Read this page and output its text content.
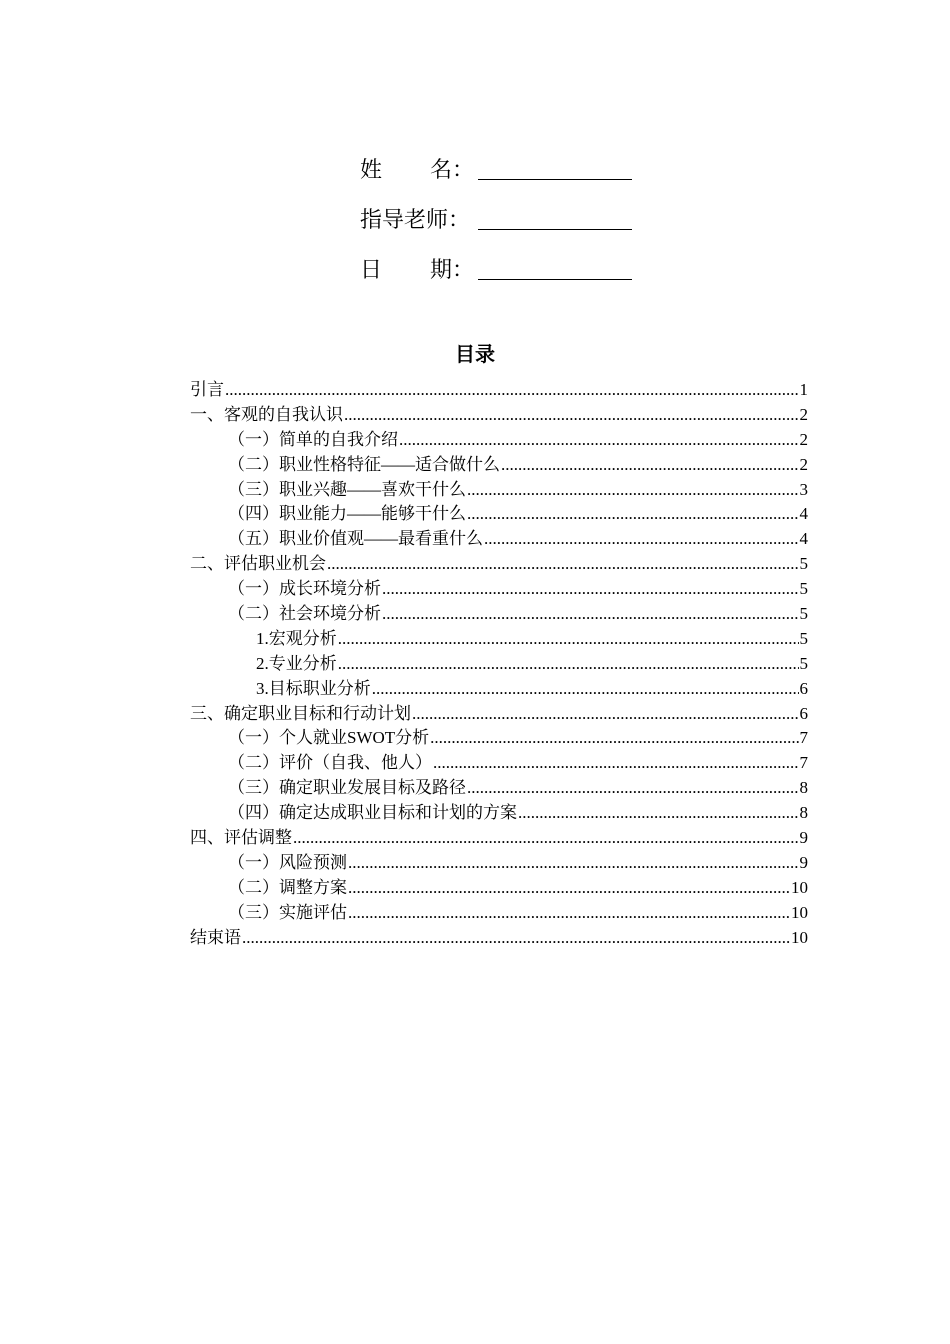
姓 名：
指导老师：
日 期：
目录
引言 .....	1
一、客观的自我认识 .....	2
（一）简单的自我介绍 .....	2
（二）职业性格特征——适合做什么 .....	2
（三）职业兴趣——喜欢干什么 .....	3
（四）职业能力——能够干什么 .....	4
（五）职业价值观——最看重什么 .....	4
二、评估职业机会 .....	5
（一）成长环境分析 .....	5
（二）社会环境分析 .....	5
1.宏观分析 .....	5
2.专业分析 .....	5
3.目标职业分析 .....	6
三、确定职业目标和行动计划 .....	6
（一）个人就业SWOT分析 .....	7
（二）评价（自我、他人） .....	7
（三）确定职业发展目标及路径 .....	8
（四）确定达成职业目标和计划的方案 .....	8
四、评估调整 .....	9
（一）风险预测 .....	9
（二）调整方案 .....	10
（三）实施评估 .....	10
结束语 .....	10
